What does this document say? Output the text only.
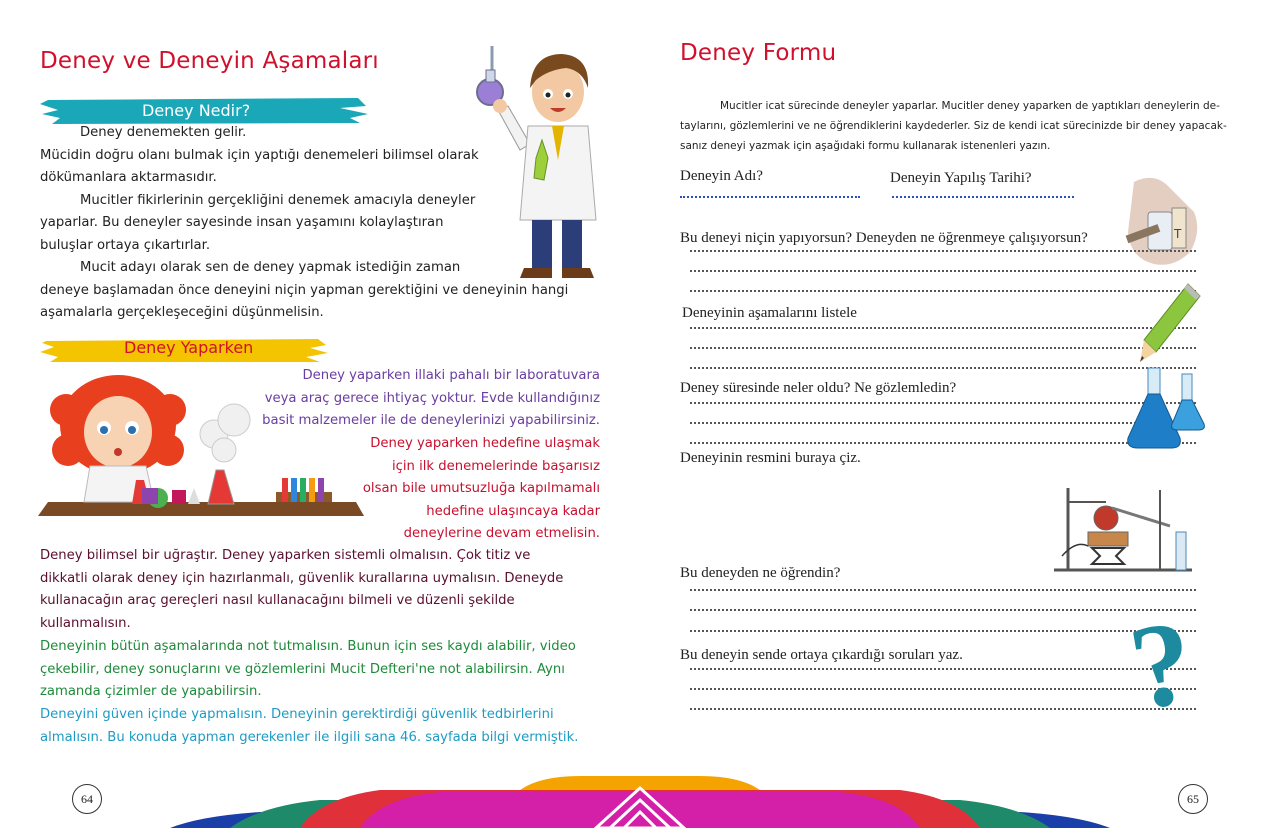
Deney ve Deneyin Aşamaları
Deney Nedir?
Deney denemekten gelir.
Mücidin doğru olanı bulmak için yaptığı denemeleri bilimsel olarak
dökümanlara aktarmasıdır.
Mucitler fikirlerinin gerçekliğini denemek amacıyla deneyler
yaparlar. Bu deneyler sayesinde insan yaşamını kolaylaştıran
buluşlar ortaya çıkartırlar.
Mucit adayı olarak sen de deney yapmak istediğin zaman
deneye başlamadan önce deneyini niçin yapman gerektiğini ve deneyinin hangi
aşamalarla gerçekleşeceğini düşünmelisin.
Deney Yaparken
Deney yaparken illaki pahalı bir laboratuvara
veya araç gerece ihtiyaç yoktur. Evde kullandığınız
basit malzemeler ile de deneylerinizi yapabilirsiniz.
Deney yaparken hedefine ulaşmak
için ilk denemelerinde başarısız
olsan bile umutsuzluğa kapılmamalı
hedefine ulaşıncaya kadar
deneylerine devam etmelisin.
Deney bilimsel bir uğraştır. Deney yaparken sistemli olmalısın. Çok titiz ve
dikkatli olarak deney için hazırlanmalı, güvenlik kurallarına uymalısın. Deneyde
kullanacağın araç gereçleri nasıl kullanacağını bilmeli ve düzenli şekilde
kullanmalısın.
Deneyinin bütün aşamalarında not tutmalısın. Bunun için ses kaydı alabilir, video
çekebilir, deney sonuçlarını ve gözlemlerini Mucit Defteri'ne not alabilirsin. Aynı
zamanda çizimler de yapabilirsin.
Deneyini güven içinde yapmalısın. Deneyinin gerektirdiği güvenlik tedbirlerini
almalısın. Bu konuda yapman gerekenler ile ilgili sana 46. sayfada bilgi vermiştik.
64
Deney Formu
Mucitler icat sürecinde deneyler yaparlar. Mucitler deney yaparken de yaptıkları deneylerin de-
taylarını, gözlemlerini ve ne öğrendiklerini kaydederler. Siz de kendi icat sürecinizde bir deney yapacak-
sanız deneyi yazmak için aşağıdaki formu kullanarak istenenleri yazın.
Deneyin Adı?	Deneyin Yapılış Tarihi?
T
Bu deneyi niçin yapıyorsun? Deneyden ne öğrenmeye çalışıyorsun?
Deneyinin aşamalarını listele
Deney süresinde neler oldu? Ne gözlemledin?
Deneyinin resmini buraya çiz.
Bu deneyden ne öğrendin?
Bu deneyin sende ortaya çıkardığı soruları yaz. ?
65
